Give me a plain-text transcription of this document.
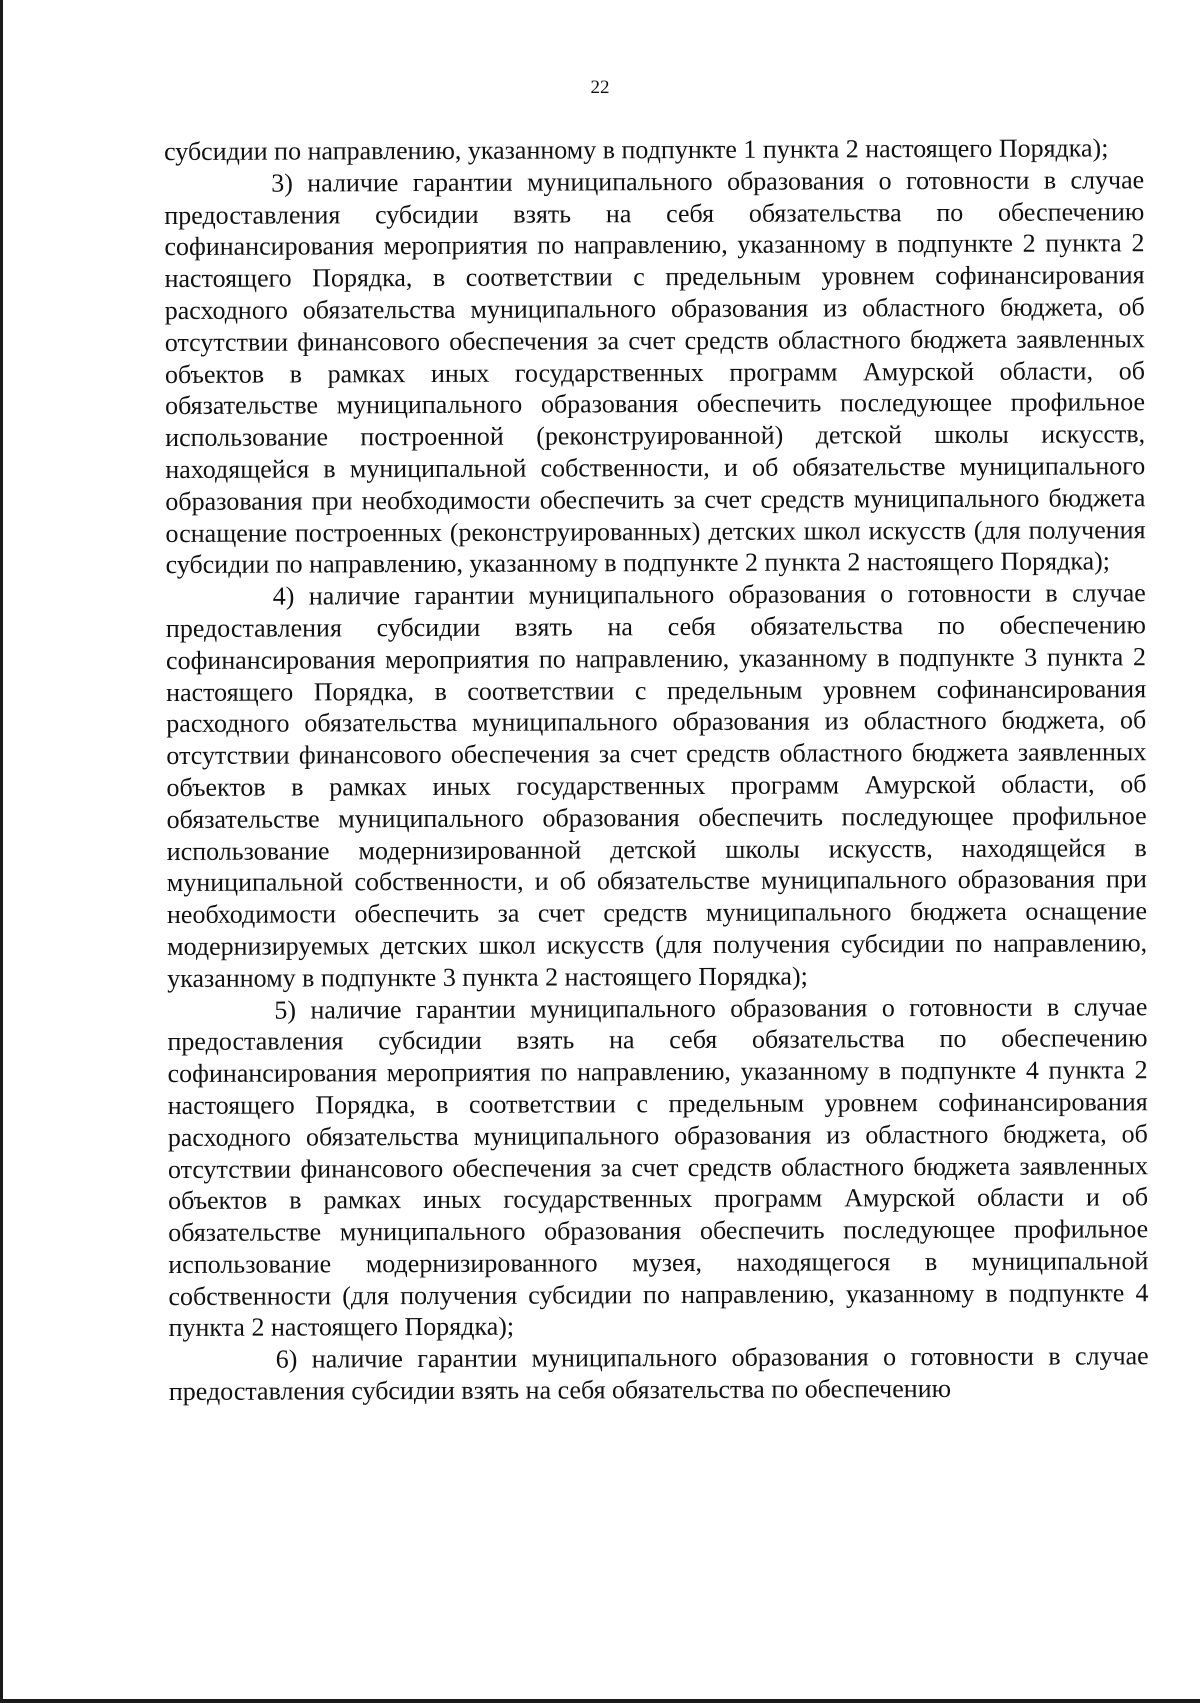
22

субсидии по направлению, указанному в подпункте 1 пункта 2 настоящего Порядка);

3) наличие гарантии муниципального образования о готовности в случае предоставления субсидии взять на себя обязательства по обеспечению софинансирования мероприятия по направлению, указанному в подпункте 2 пункта 2 настоящего Порядка, в соответствии с предельным уровнем софинансирования расходного обязательства муниципального образования из областного бюджета, об отсутствии финансового обеспечения за счет средств областного бюджета заявленных объектов в рамках иных государственных программ Амурской области, об обязательстве муниципального образования обеспечить последующее профильное использование построенной (реконструированной) детской школы искусств, находящейся в муниципальной собственности, и об обязательстве муниципального образования при необходимости обеспечить за счет средств муниципального бюджета оснащение построенных (реконструированных) детских школ искусств (для получения субсидии по направлению, указанному в подпункте 2 пункта 2 настоящего Порядка);

4) наличие гарантии муниципального образования о готовности в случае предоставления субсидии взять на себя обязательства по обеспечению софинансирования мероприятия по направлению, указанному в подпункте 3 пункта 2 настоящего Порядка, в соответствии с предельным уровнем софинансирования расходного обязательства муниципального образования из областного бюджета, об отсутствии финансового обеспечения за счет средств областного бюджета заявленных объектов в рамках иных государственных программ Амурской области, об обязательстве муниципального образования обеспечить последующее профильное использование модернизированной детской школы искусств, находящейся в муниципальной собственности, и об обязательстве муниципального образования при необходимости обеспечить за счет средств муниципального бюджета оснащение модернизируемых детских школ искусств (для получения субсидии по направлению, указанному в подпункте 3 пункта 2 настоящего Порядка);

5) наличие гарантии муниципального образования о готовности в случае предоставления субсидии взять на себя обязательства по обеспечению софинансирования мероприятия по направлению, указанному в подпункте 4 пункта 2 настоящего Порядка, в соответствии с предельным уровнем софинансирования расходного обязательства муниципального образования из областного бюджета, об отсутствии финансового обеспечения за счет средств областного бюджета заявленных объектов в рамках иных государственных программ Амурской области и об обязательстве муниципального образования обеспечить последующее профильное использование модернизированного музея, находящегося в муниципальной собственности (для получения субсидии по направлению, указанному в подпункте 4 пункта 2 настоящего Порядка);

6) наличие гарантии муниципального образования о готовности в случае предоставления субсидии взять на себя обязательства по обеспечению
